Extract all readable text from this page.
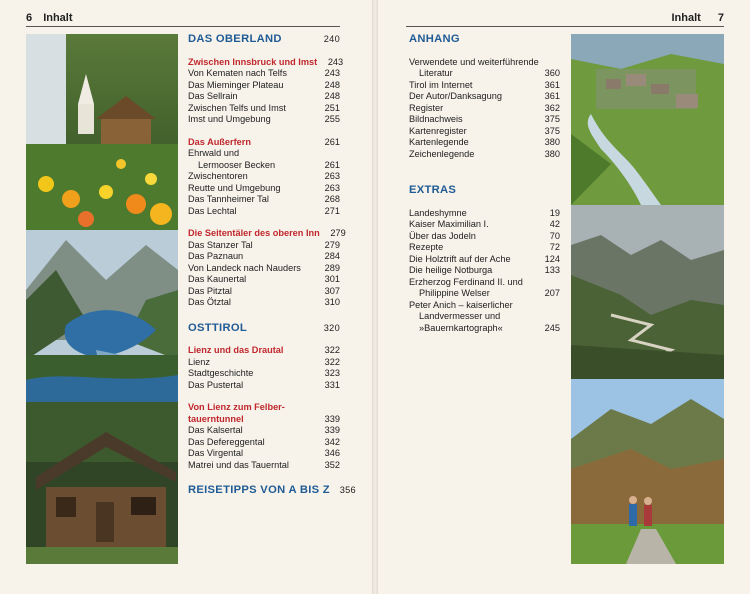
6 Inhalt	Inhalt 7
DAS OBERLAND	240
Zwischen Innsbruck und Imst	243
Von Kematen nach Telfs	243
Das Mieminger Plateau	248
Das Sellrain	248
Zwischen Telfs und Imst	251
Imst und Umgebung	255
Das Außerfern	261
Ehrwald und
Lermooser Becken	261
Zwischentoren	263
Reutte und Umgebung	263
Das Tannheimer Tal	268
Das Lechtal	271
Die Seitentäler des oberen Inn	279
Das Stanzer Tal	279
Das Paznaun	284
Von Landeck nach Nauders	289
Das Kaunertal	301
Das Pitztal	307
Das Ötztal	310
OSTTIROL	320
Lienz und das Drautal	322
Lienz	322
Stadtgeschichte	323
Das Pustertal	331
Von Lienz zum Felber-
tauerntunnel	339
Das Kalsertal	339
Das Defereggental	342
Das Virgental	346
Matrei und das Tauerntal	352
REISETIPPS VON A BIS Z	356
ANHANG
Verwendete und weiterführende
Literatur	360
Tirol im Internet	361
Der Autor/Danksagung	361
Register	362
Bildnachweis	375
Kartenregister	375
Kartenlegende	380
Zeichenlegende	380
EXTRAS
Landeshymne	19
Kaiser Maximilian I.	42
Über das Jodeln	70
Rezepte	72
Die Holztrift auf der Ache	124
Die heilige Notburga	133
Erzherzog Ferdinand II. und
Philippine Welser	207
Peter Anich – kaiserlicher
Landvermesser und
»Bauernkartograph«	245
